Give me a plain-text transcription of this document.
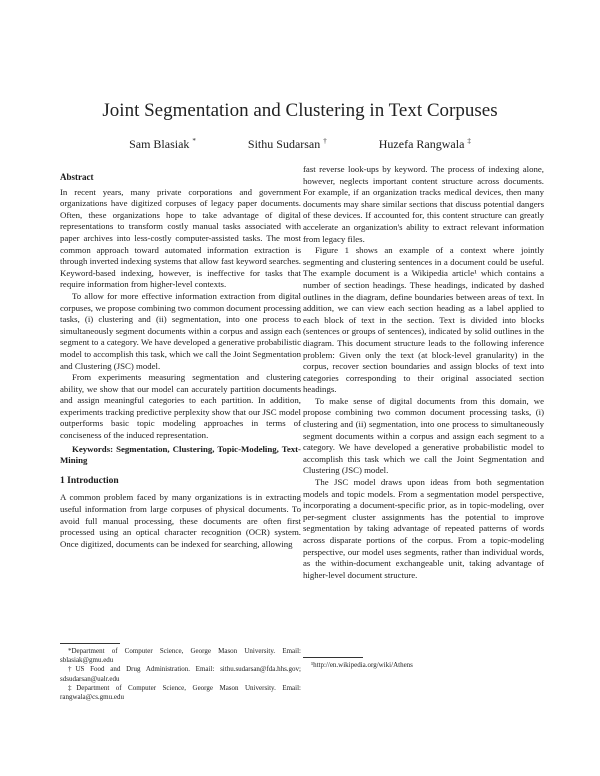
Joint Segmentation and Clustering in Text Corpuses
Sam Blasiak *	Sithu Sudarsan †	Huzefa Rangwala ‡
Abstract

In recent years, many private corporations and government organizations have digitized corpuses of legacy paper documents. Often, these organizations hope to take advantage of digital representations to transform costly manual tasks associated with paper archives into less-costly computer-assisted tasks. The most common approach toward automated information extraction is through inverted indexing systems that allow fast keyword searches. Keyword-based indexing, however, is ineffective for tasks that require information from higher-level contexts.

To allow for more effective information extraction from digital corpuses, we propose combining two common document processing tasks, (i) clustering and (ii) segmentation, into one process to simultaneously segment documents within a corpus and assign each segment to a category. We have developed a generative probabilistic model to accomplish this task, which we call the Joint Segmentation and Clustering (JSC) model.

From experiments measuring segmentation and clustering ability, we show that our model can accurately partition documents and assign meaningful categories to each partition. In addition, experiments tracking predictive perplexity show that our JSC model outperforms basic topic modeling approaches in terms of conciseness of the induced representation.

Keywords: Segmentation, Clustering, Topic-Modeling, Text-Mining

1 Introduction

A common problem faced by many organizations is in extracting useful information from large corpuses of physical documents. To avoid full manual processing, these documents are often first processed using an optical character recognition (OCR) system. Once digitized, documents can be indexed for searching, allowing

fast reverse look-ups by keyword. The process of indexing alone, however, neglects important content structure across documents. For example, if an organization tracks medical devices, then many documents may share similar sections that discuss potential dangers of these devices. If accounted for, this content structure can greatly accelerate an organization's ability to extract relevant information from legacy files.

Figure 1 shows an example of a context where jointly segmenting and clustering sentences in a document could be useful. The example document is a Wikipedia article¹ which contains a number of section headings. These headings, indicated by dashed outlines in the diagram, define boundaries between areas of text. In addition, we can view each section heading as a label applied to each block of text in the section. Text is divided into blocks (sentences or groups of sentences), indicated by solid outlines in the diagram. This document structure leads to the following inference problem: Given only the text (at block-level granularity) in the corpus, recover section boundaries and assign blocks of text into categories corresponding to their original associated section headings.

To make sense of digital documents from this domain, we propose combining two common document processing tasks, (i) clustering and (ii) segmentation, into one process to simultaneously segment documents within a corpus and assign each segment to a category. We have developed a generative probabilistic model to accomplish this task which we call the Joint Segmentation and Clustering (JSC) model.

The JSC model draws upon ideas from both segmentation models and topic models. From a segmentation model perspective, incorporating a document-specific prior, as in topic-modeling, over per-segment cluster assignments has the potential to improve segmentation by taking advantage of repeated patterns of words across disparate portions of the corpus. From a topic-modeling perspective, our model uses segments, rather than individual words, as the within-document exchangeable unit, taking advantage of higher-level document structure.

*Department of Computer Science, George Mason University. Email: sblasiak@gmu.edu

†US Food and Drug Administration. Email: sithu.sudarsan@fda.hhs.gov; sdsudarsan@ualr.edu

‡Department of Computer Science, George Mason University. Email: rangwala@cs.gmu.edu

¹http://en.wikipedia.org/wiki/Athens
